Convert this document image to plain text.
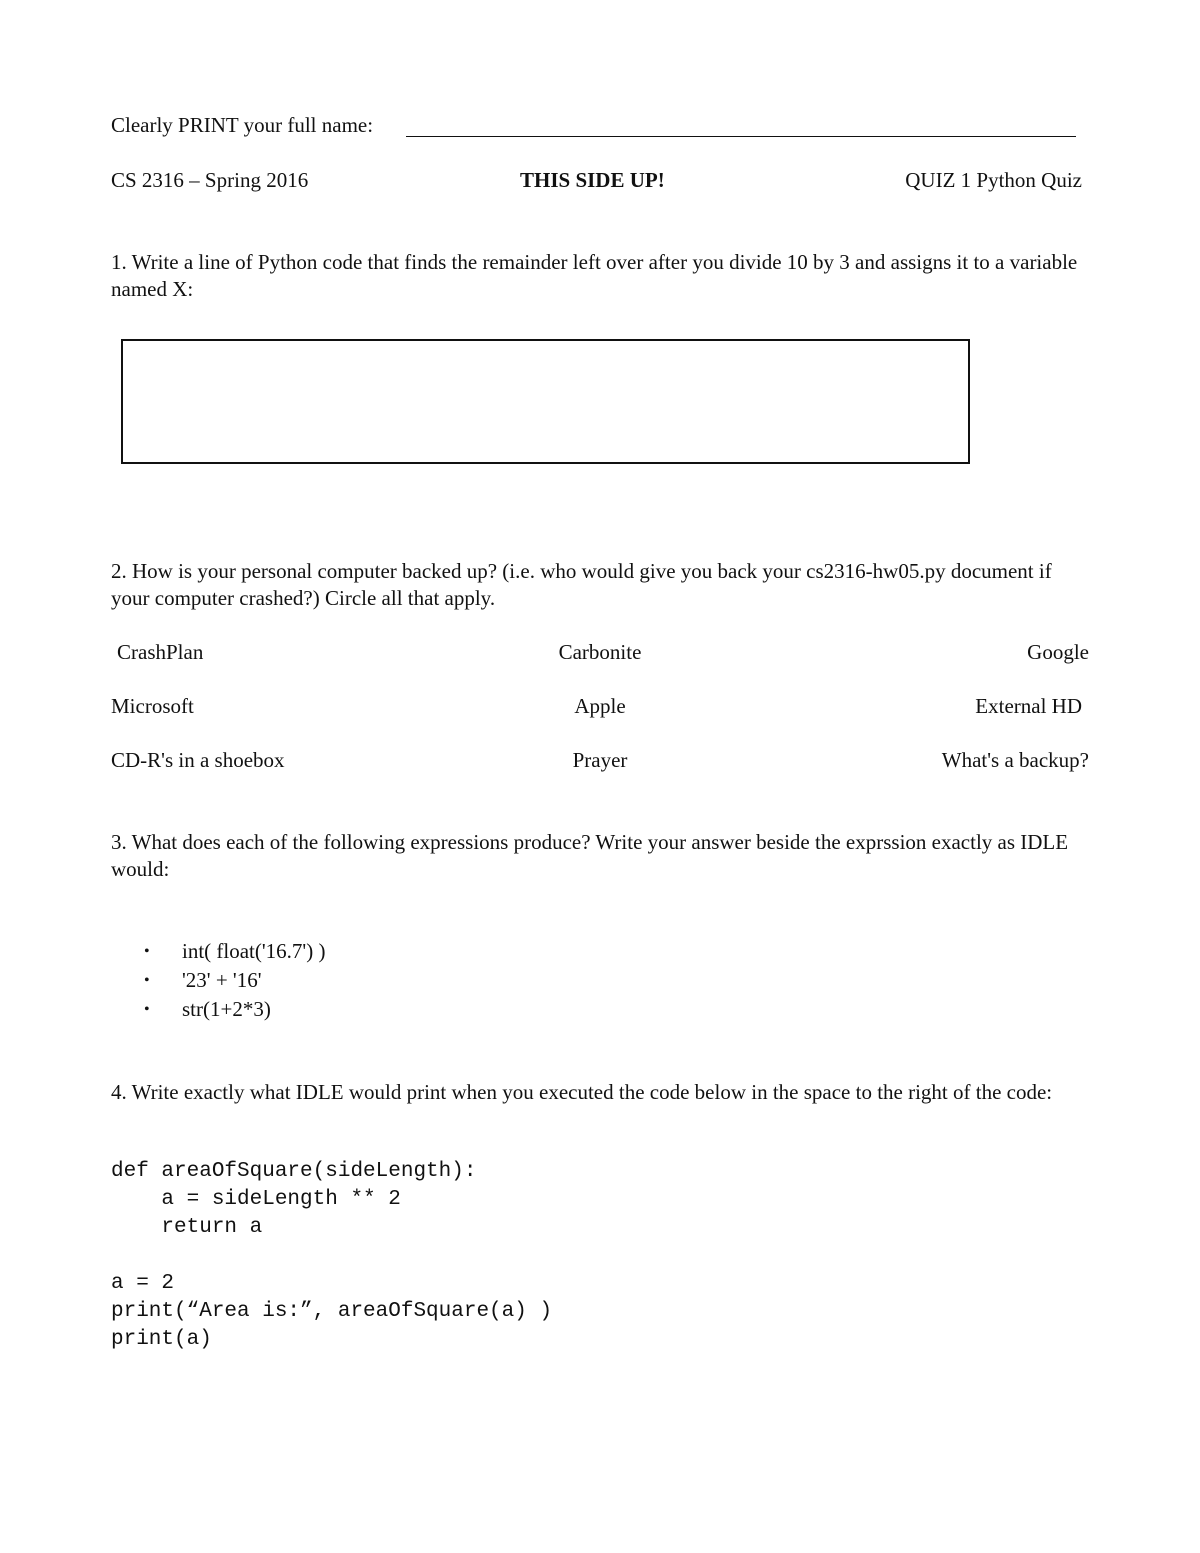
Clearly PRINT your full name:
CS 2316 – Spring 2016	THIS SIDE UP!	QUIZ 1 Python Quiz
1. Write a line of Python code that finds the remainder left over after you divide 10 by 3 and assigns it to a variable named X:
2. How is your personal computer backed up? (i.e. who would give you back your cs2316-hw05.py document if your computer crashed?) Circle all that apply.
CrashPlan	Carbonite	Google
Microsoft	Apple	External HD
CD-R's in a shoebox	Prayer	What's a backup?
3. What does each of the following expressions produce? Write your answer beside the exprssion exactly as IDLE would:
• int( float('16.7') )
• '23' + '16'
• str(1+2*3)
4. Write exactly what IDLE would print when you executed the code below in the space to the right of the code:
def areaOfSquare(sideLength):
a = sideLength ** 2
return a
a = 2
print(“Area is:”, areaOfSquare(a) )
print(a)
